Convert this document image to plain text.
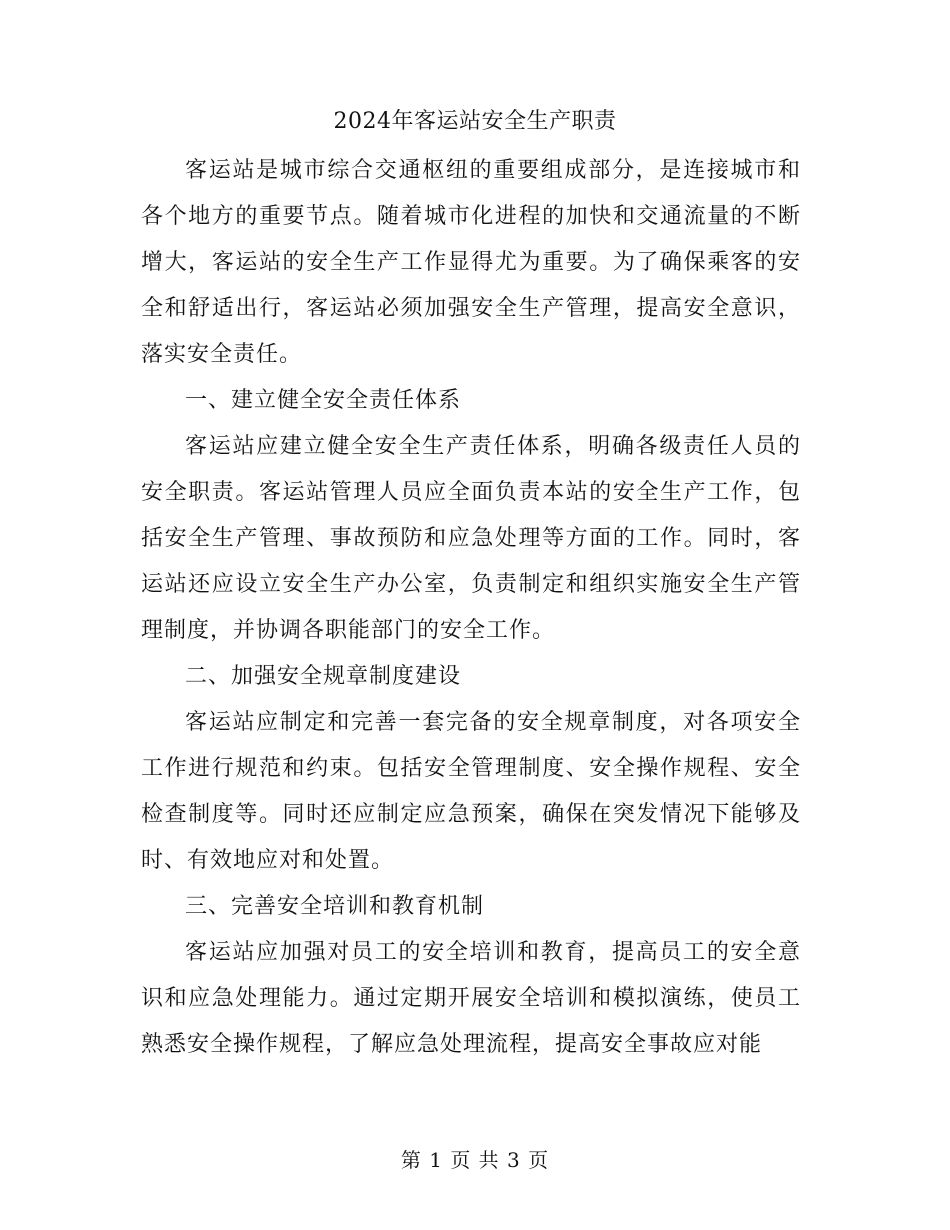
2024年客运站安全生产职责

客运站是城市综合交通枢纽的重要组成部分，是连接城市和各个地方的重要节点。随着城市化进程的加快和交通流量的不断增大，客运站的安全生产工作显得尤为重要。为了确保乘客的安全和舒适出行，客运站必须加强安全生产管理，提高安全意识，落实安全责任。

一、建立健全安全责任体系

客运站应建立健全安全生产责任体系，明确各级责任人员的安全职责。客运站管理人员应全面负责本站的安全生产工作，包括安全生产管理、事故预防和应急处理等方面的工作。同时，客运站还应设立安全生产办公室，负责制定和组织实施安全生产管理制度，并协调各职能部门的安全工作。

二、加强安全规章制度建设

客运站应制定和完善一套完备的安全规章制度，对各项安全工作进行规范和约束。包括安全管理制度、安全操作规程、安全检查制度等。同时还应制定应急预案，确保在突发情况下能够及时、有效地应对和处置。

三、完善安全培训和教育机制

客运站应加强对员工的安全培训和教育，提高员工的安全意识和应急处理能力。通过定期开展安全培训和模拟演练，使员工熟悉安全操作规程，了解应急处理流程，提高安全事故应对能

第 1 页 共 3 页
